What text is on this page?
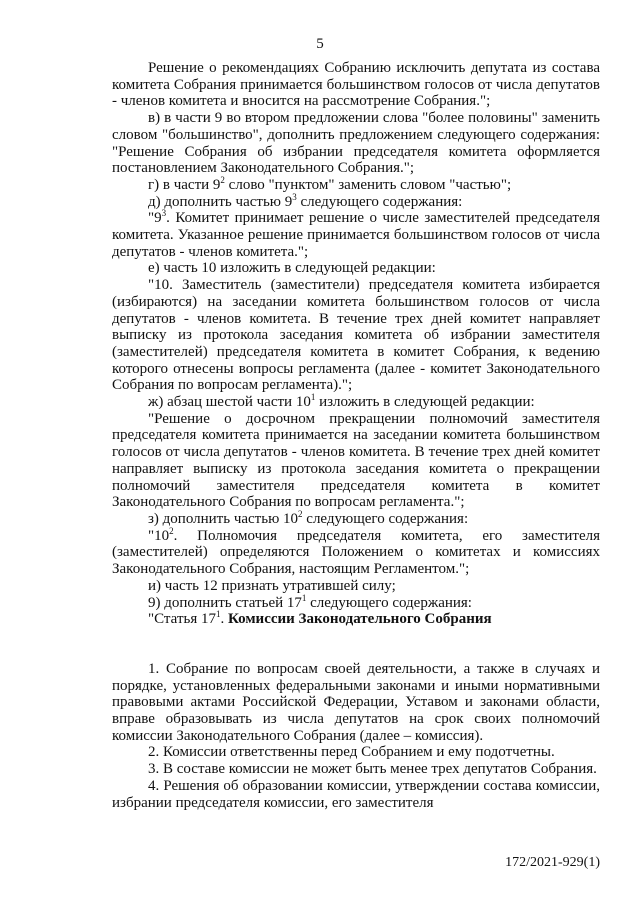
5

Решение о рекомендациях Собранию исключить депутата из состава комитета Собрания принимается большинством голосов от числа депутатов - членов комитета и вносится на рассмотрение Собрания.";

в) в части 9 во втором предложении слова "более половины" заменить словом "большинство", дополнить предложением следующего содержания: "Решение Собрания об избрании председателя комитета оформляется постановлением Законодательного Собрания.";

г) в части $9^2$ слово "пунктом" заменить словом "частью";

д) дополнить частью $9^3$ следующего содержания:

"$9^3$. Комитет принимает решение о числе заместителей председателя комитета. Указанное решение принимается большинством голосов от числа депутатов - членов комитета.";

е) часть 10 изложить в следующей редакции:

"10. Заместитель (заместители) председателя комитета избирается (избираются) на заседании комитета большинством голосов от числа депутатов - членов комитета. В течение трех дней комитет направляет выписку из протокола заседания комитета об избрании заместителя (заместителей) председателя комитета в комитет Собрания, к ведению которого отнесены вопросы регламента (далее - комитет Законодательного Собрания по вопросам регламента).";

ж) абзац шестой части $10^1$ изложить в следующей редакции:

"Решение о досрочном прекращении полномочий заместителя председателя комитета принимается на заседании комитета большинством голосов от числа депутатов - членов комитета. В течение трех дней комитет направляет выписку из протокола заседания комитета о прекращении полномочий заместителя председателя комитета в комитет Законодательного Собрания по вопросам регламента.";

з) дополнить частью $10^2$ следующего содержания:

"$10^2$. Полномочия председателя комитета, его заместителя (заместителей) определяются Положением о комитетах и комиссиях Законодательного Собрания, настоящим Регламентом.";

и) часть 12 признать утратившей силу;

9) дополнить статьей $17^1$ следующего содержания:

"Статья $17^1$. Комиссии Законодательного Собрания

1. Собрание по вопросам своей деятельности, а также в случаях и порядке, установленных федеральными законами и иными нормативными правовыми актами Российской Федерации, Уставом и законами области, вправе образовывать из числа депутатов на срок своих полномочий комиссии Законодательного Собрания (далее – комиссия).

2. Комиссии ответственны перед Собранием и ему подотчетны.

3. В составе комиссии не может быть менее трех депутатов Собрания.

4. Решения об образовании комиссии, утверждении состава комиссии, избрании председателя комиссии, его заместителя

172/2021-929(1)
